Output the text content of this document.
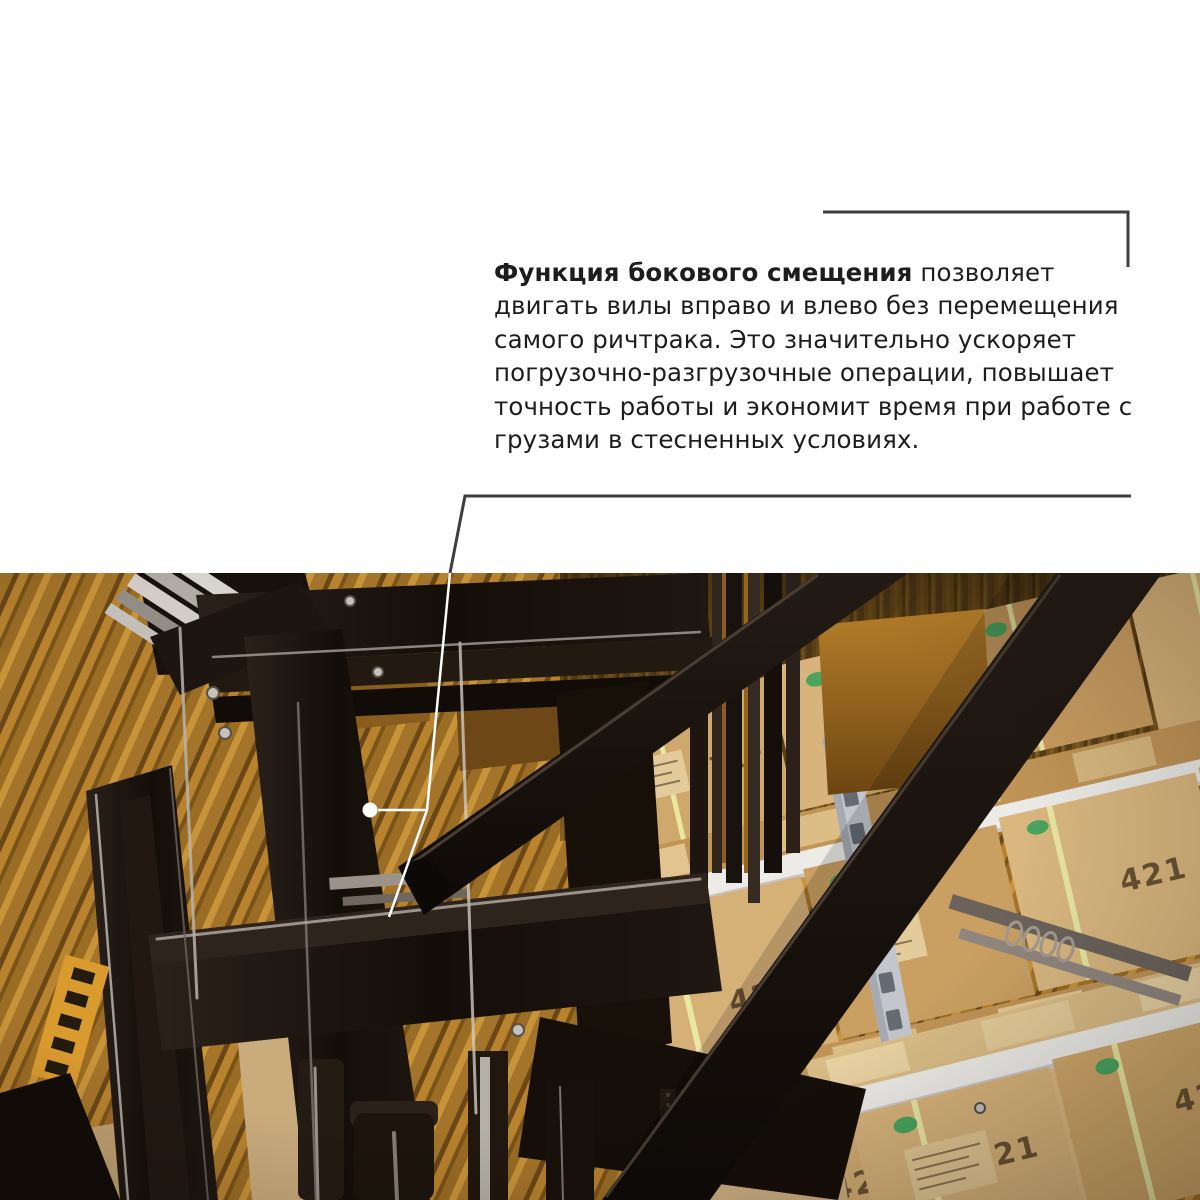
Функция бокового смещения позволяет
двигать вилы вправо и влево без перемещения
самого ричтрака. Это значительно ускоряет
погрузочно-разгрузочные операции, повышает
точность работы и экономит время при работе с
грузами в стесненных условиях.
